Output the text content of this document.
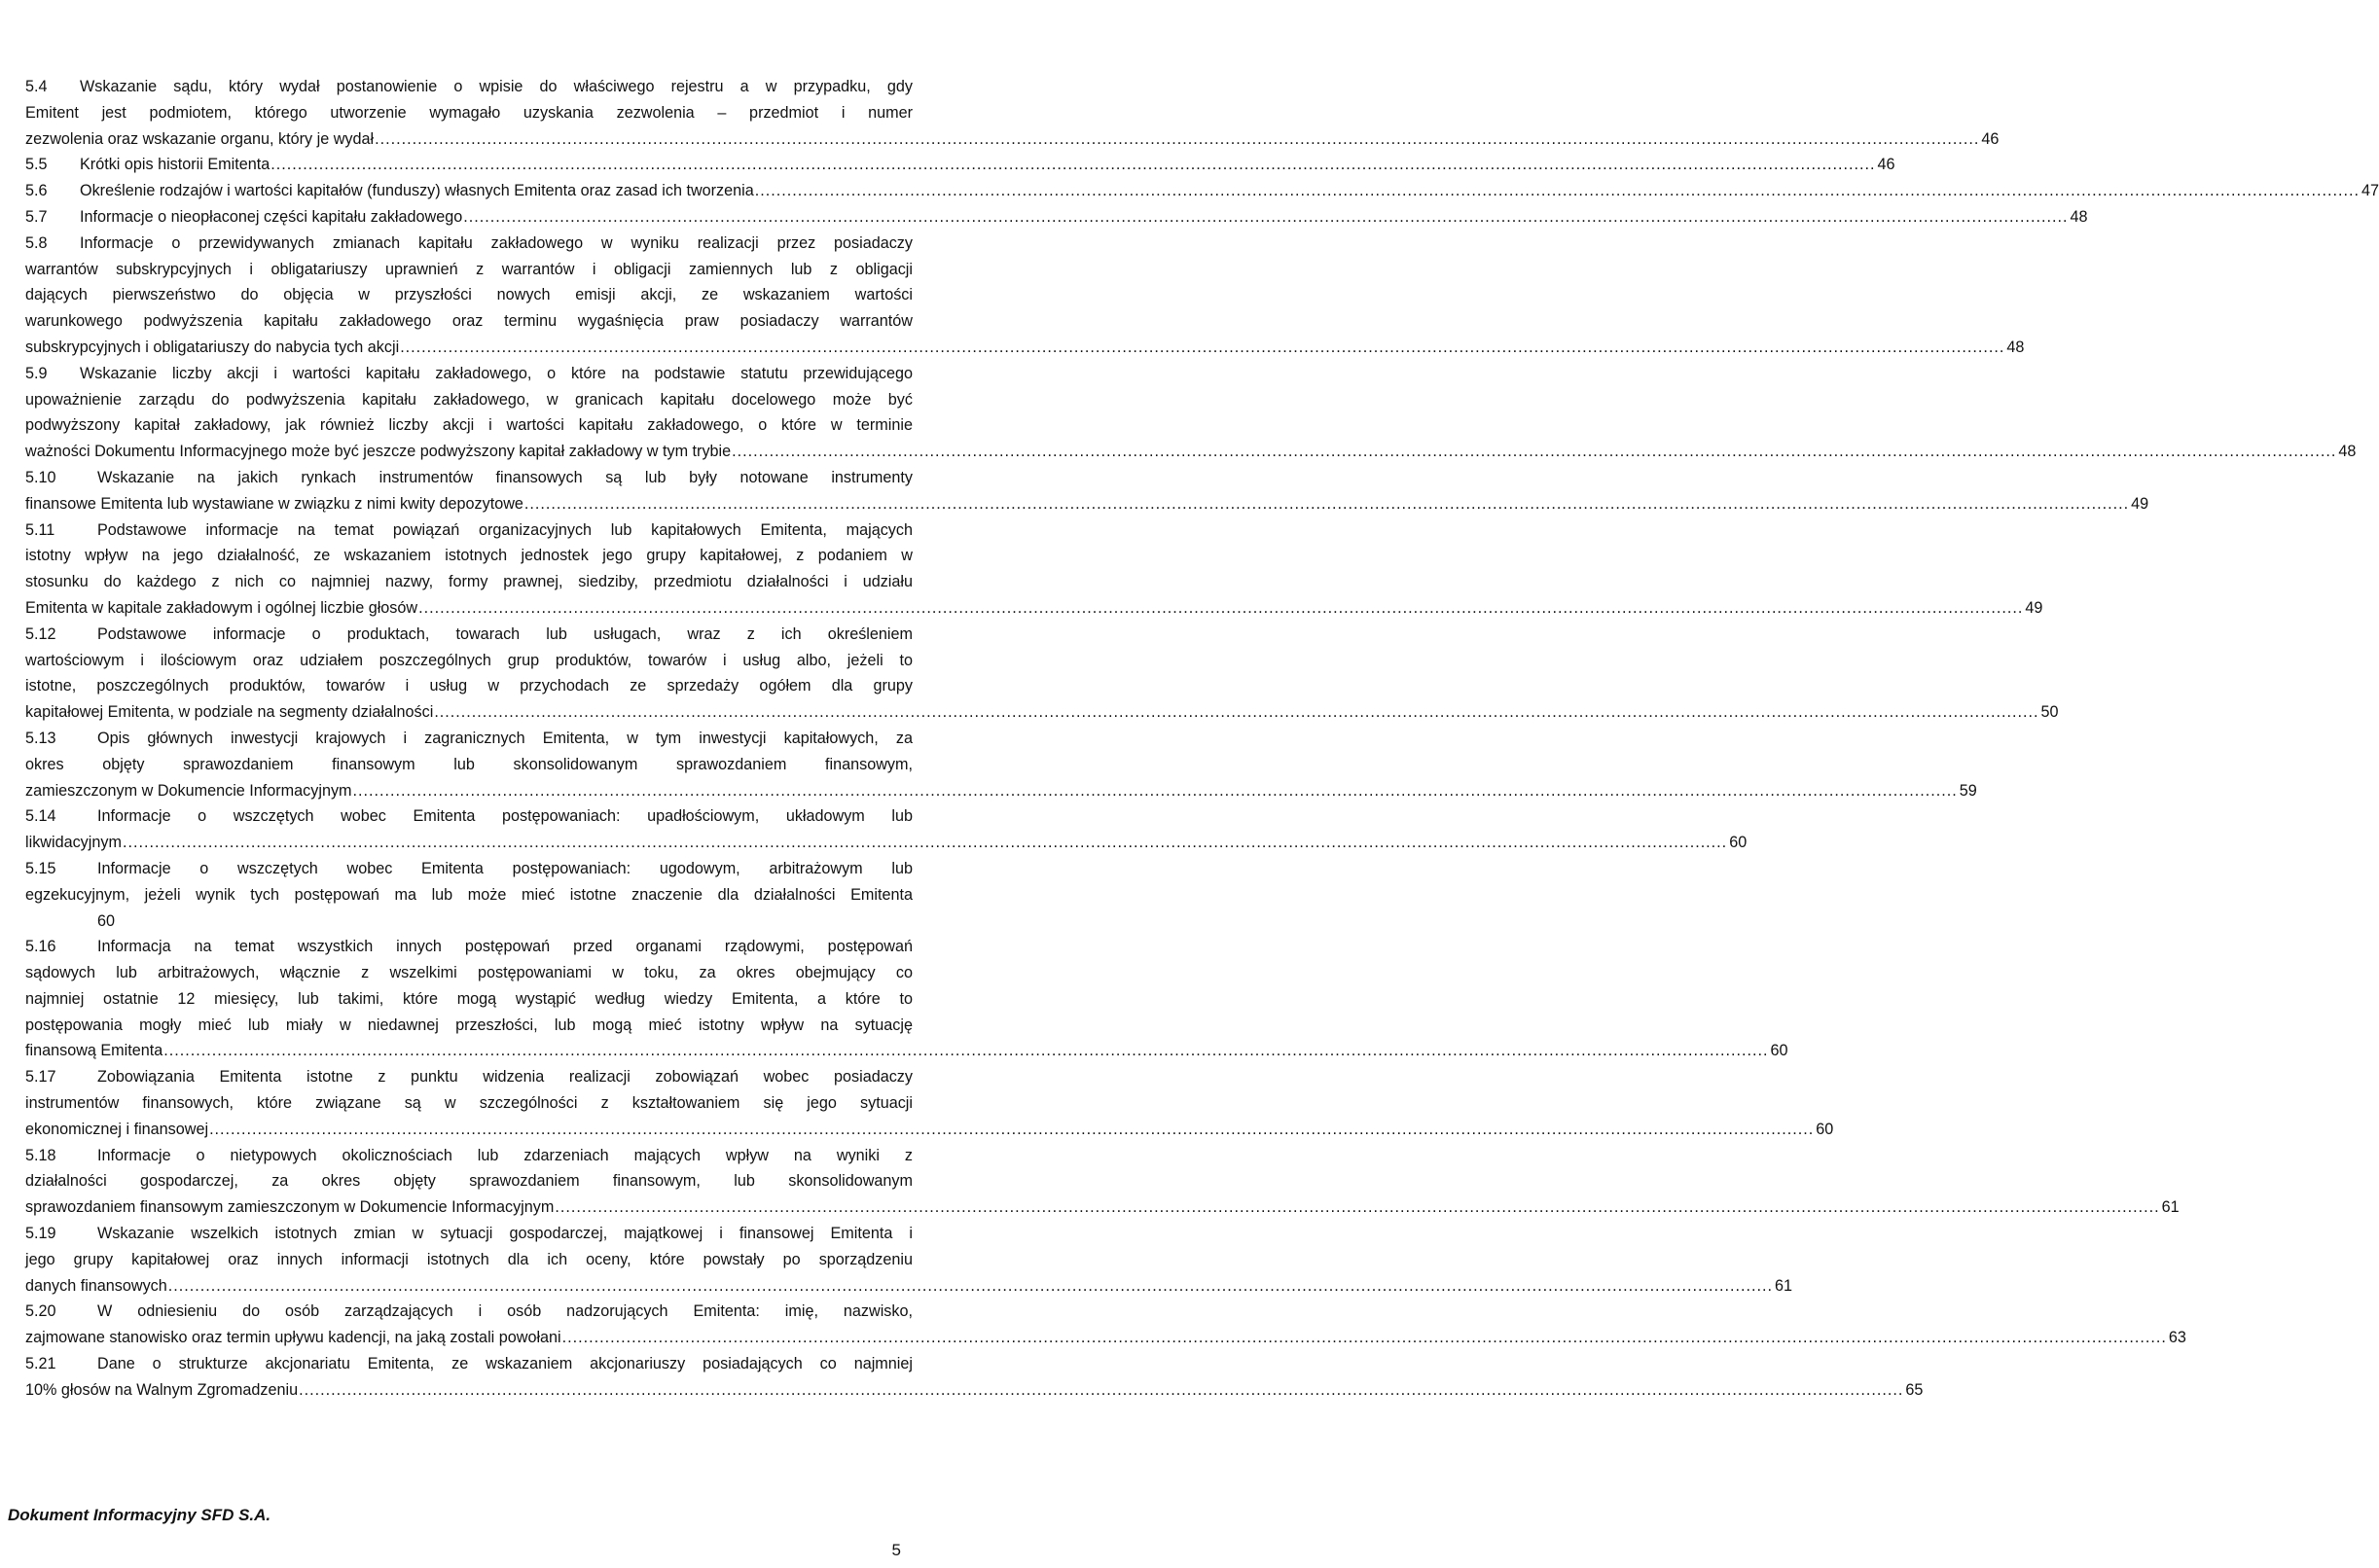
5.4 Wskazanie sądu, który wydał postanowienie o wpisie do właściwego rejestru a w przypadku, gdy
Emitent jest podmiotem, którego utworzenie wymagało uzyskania zezwolenia – przedmiot i numer
zezwolenia oraz wskazanie organu, który je wydał ............................................................................................................................................................................................................................................................................................................ 46
5.5	Krótki opis historii Emitenta ............................................................................................................................................................................................................................................................................................................ 46
5.6	Określenie rodzajów i wartości kapitałów (funduszy) własnych Emitenta oraz zasad ich tworzenia ............................................................................................................................................................................................................................................................................................................ 47
5.7	Informacje o nieopłaconej części kapitału zakładowego ............................................................................................................................................................................................................................................................................................................ 48
5.8 Informacje o przewidywanych zmianach kapitału zakładowego w wyniku realizacji przez posiadaczy
warrantów subskrypcyjnych i obligatariuszy uprawnień z warrantów i obligacji zamiennych lub z obligacji
dających pierwszeństwo do objęcia w przyszłości nowych emisji akcji, ze wskazaniem wartości
warunkowego podwyższenia kapitału zakładowego oraz terminu wygaśnięcia praw posiadaczy warrantów
subskrypcyjnych i obligatariuszy do nabycia tych akcji ............................................................................................................................................................................................................................................................................................................ 48
5.9 Wskazanie liczby akcji i wartości kapitału zakładowego, o które na podstawie statutu przewidującego
upoważnienie zarządu do podwyższenia kapitału zakładowego, w granicach kapitału docelowego może być
podwyższony kapitał zakładowy, jak również liczby akcji i wartości kapitału zakładowego, o które w terminie
ważności Dokumentu Informacyjnego może być jeszcze podwyższony kapitał zakładowy w tym trybie ............................................................................................................................................................................................................................................................................................................ 48
5.10	Wskazanie na jakich rynkach instrumentów finansowych są lub były notowane instrumenty
finansowe Emitenta lub wystawiane w związku z nimi kwity depozytowe ............................................................................................................................................................................................................................................................................................................ 49
5.11	Podstawowe informacje na temat powiązań organizacyjnych lub kapitałowych Emitenta, mających
istotny wpływ na jego działalność, ze wskazaniem istotnych jednostek jego grupy kapitałowej, z podaniem w
stosunku do każdego z nich co najmniej nazwy, formy prawnej, siedziby, przedmiotu działalności i udziału
Emitenta w kapitale zakładowym i ogólnej liczbie głosów ............................................................................................................................................................................................................................................................................................................ 49
5.12	Podstawowe informacje o produktach, towarach lub usługach, wraz z ich określeniem
wartościowym i ilościowym oraz udziałem poszczególnych grup produktów, towarów i usług albo, jeżeli to
istotne, poszczególnych produktów, towarów i usług w przychodach ze sprzedaży ogółem dla grupy
kapitałowej Emitenta, w podziale na segmenty działalności ............................................................................................................................................................................................................................................................................................................ 50
5.13	Opis głównych inwestycji krajowych i zagranicznych Emitenta, w tym inwestycji kapitałowych, za
okres objęty sprawozdaniem finansowym lub skonsolidowanym sprawozdaniem finansowym,
zamieszczonym w Dokumencie Informacyjnym ............................................................................................................................................................................................................................................................................................................ 59
5.14	Informacje o wszczętych wobec Emitenta postępowaniach: upadłościowym, układowym lub
likwidacyjnym ............................................................................................................................................................................................................................................................................................................ 60
5.15	Informacje o wszczętych wobec Emitenta postępowaniach: ugodowym, arbitrażowym lub
egzekucyjnym, jeżeli wynik tych postępowań ma lub może mieć istotne znaczenie dla działalności Emitenta
60
5.16	Informacja na temat wszystkich innych postępowań przed organami rządowymi, postępowań
sądowych lub arbitrażowych, włącznie z wszelkimi postępowaniami w toku, za okres obejmujący co
najmniej ostatnie 12 miesięcy, lub takimi, które mogą wystąpić według wiedzy Emitenta, a które to
postępowania mogły mieć lub miały w niedawnej przeszłości, lub mogą mieć istotny wpływ na sytuację
finansową Emitenta ............................................................................................................................................................................................................................................................................................................ 60
5.17	Zobowiązania Emitenta istotne z punktu widzenia realizacji zobowiązań wobec posiadaczy
instrumentów finansowych, które związane są w szczególności z kształtowaniem się jego sytuacji
ekonomicznej i finansowej ............................................................................................................................................................................................................................................................................................................ 60
5.18	Informacje o nietypowych okolicznościach lub zdarzeniach mających wpływ na wyniki z
działalności gospodarczej, za okres objęty sprawozdaniem finansowym, lub skonsolidowanym
sprawozdaniem finansowym zamieszczonym w Dokumencie Informacyjnym ............................................................................................................................................................................................................................................................................................................ 61
5.19	Wskazanie wszelkich istotnych zmian w sytuacji gospodarczej, majątkowej i finansowej Emitenta i
jego grupy kapitałowej oraz innych informacji istotnych dla ich oceny, które powstały po sporządzeniu
danych finansowych ............................................................................................................................................................................................................................................................................................................ 61
5.20	W odniesieniu do osób zarządzających i osób nadzorujących Emitenta: imię, nazwisko,
zajmowane stanowisko oraz termin upływu kadencji, na jaką zostali powołani ............................................................................................................................................................................................................................................................................................................ 63
5.21	Dane o strukturze akcjonariatu Emitenta, ze wskazaniem akcjonariuszy posiadających co najmniej
10% głosów na Walnym Zgromadzeniu ............................................................................................................................................................................................................................................................................................................ 65
Dokument Informacyjny SFD S.A.
5
